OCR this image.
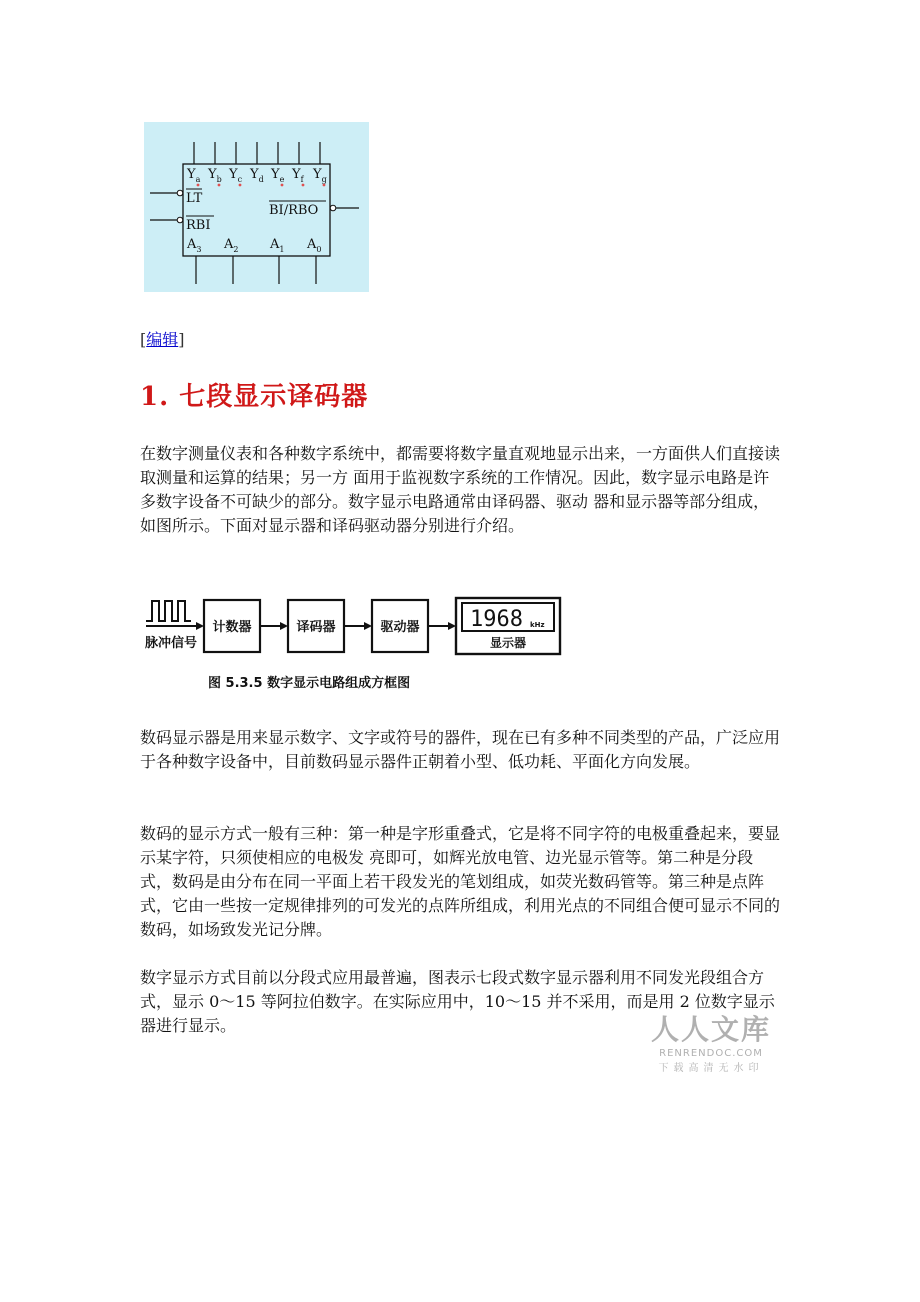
$Y_a$ $Y_b$ $Y_c$ $Y_d$ $Y_e$ $Y_f$ $Y_g$
LT
RBI
BI/RBO
$A_3$ $A_2$ $A_1$ $A_0$
[编辑]
1. 七段显示译码器

在数字测量仪表和各种数字系统中，都需要将数字量直观地显示出来，一方面供人们直接读取测量和运算的结果；另一方 面用于监视数字系统的工作情况。因此，数字显示电路是许多数字设备不可缺少的部分。数字显示电路通常由译码器、驱动 器和显示器等部分组成，如图所示。下面对显示器和译码驱动器分别进行介绍。

脉冲信号
计数器	译码器	驱动器 1968 kHz
显示器
图 5.3.5 数字显示电路组成方框图

数码显示器是用来显示数字、文字或符号的器件，现在已有多种不同类型的产品，广泛应用于各种数字设备中，目前数码显示器件正朝着小型、低功耗、平面化方向发展。

数码的显示方式一般有三种：第一种是字形重叠式，它是将不同字符的电极重叠起来，要显示某字符，只须使相应的电极发 亮即可，如辉光放电管、边光显示管等。第二种是分段式，数码是由分布在同一平面上若干段发光的笔划组成，如荧光数码管等。第三种是点阵式，它由一些按一定规律排列的可发光的点阵所组成，利用光点的不同组合便可显示不同的数码，如场致发光记分牌。

数字显示方式目前以分段式应用最普遍，图表示七段式数字显示器利用不同发光段组合方式，显示 0～15 等阿拉伯数字。在实际应用中，10～15 并不采用，而是用 2 位数字显示器进行显示。	人人文库
RENRENDOC.COM
下载高清无水印
